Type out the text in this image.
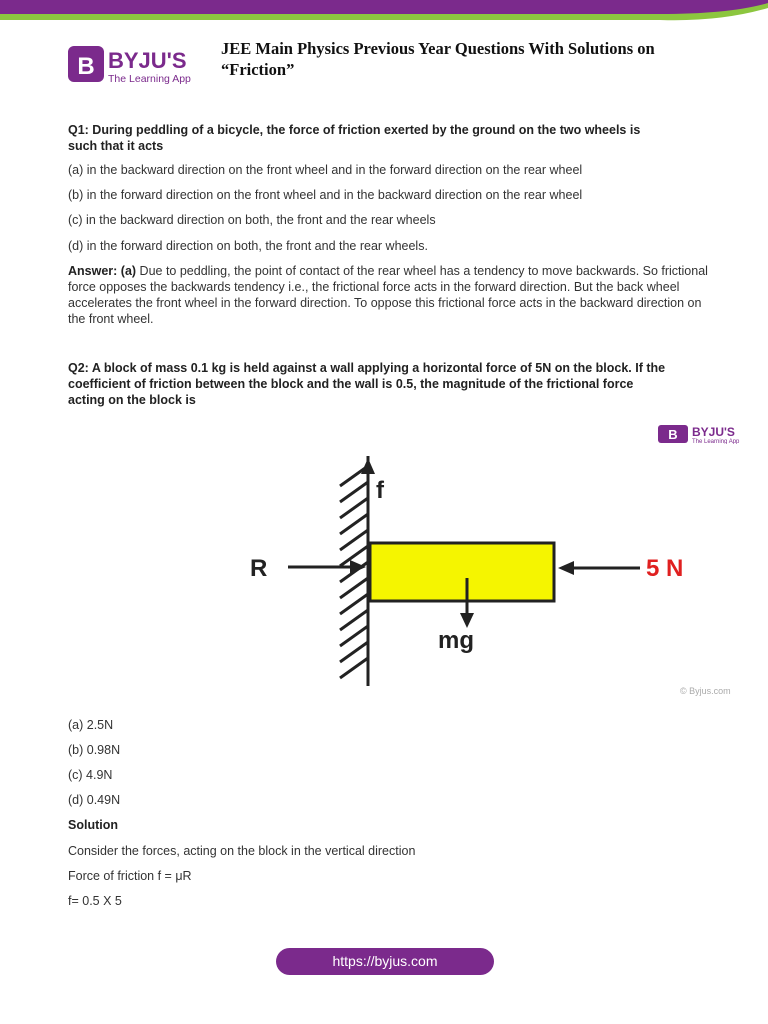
B BYJU'S
The Learning App
JEE Main Physics Previous Year Questions With Solutions on
“Friction”
Q1: During peddling of a bicycle, the force of friction exerted by the ground on the two wheels is
such that it acts

(a) in the backward direction on the front wheel and in the forward direction on the rear wheel

(b) in the forward direction on the front wheel and in the backward direction on the rear wheel

(c) in the backward direction on both, the front and the rear wheels

(d) in the forward direction on both, the front and the rear wheels.

Answer: (a) Due to peddling, the point of contact of the rear wheel has a tendency to move backwards. So frictional force opposes the backwards tendency i.e., the frictional force acts in the forward direction. But the back wheel accelerates the front wheel in the forward direction. To oppose this frictional force acts in the backward direction on the front wheel.

Q2: A block of mass 0.1 kg is held against a wall applying a horizontal force of 5N on the block. If the
coefficient of friction between the block and the wall is 0.5, the magnitude of the frictional force
acting on the block is
B BYJU'S
The Learning App
f
R	5 N
mg
© Byjus.com

(a) 2.5N

(b) 0.98N

(c) 4.9N

(d) 0.49N

Solution

Consider the forces, acting on the block in the vertical direction

Force of friction f = μR

f= 0.5 X 5

https://byjus.com
